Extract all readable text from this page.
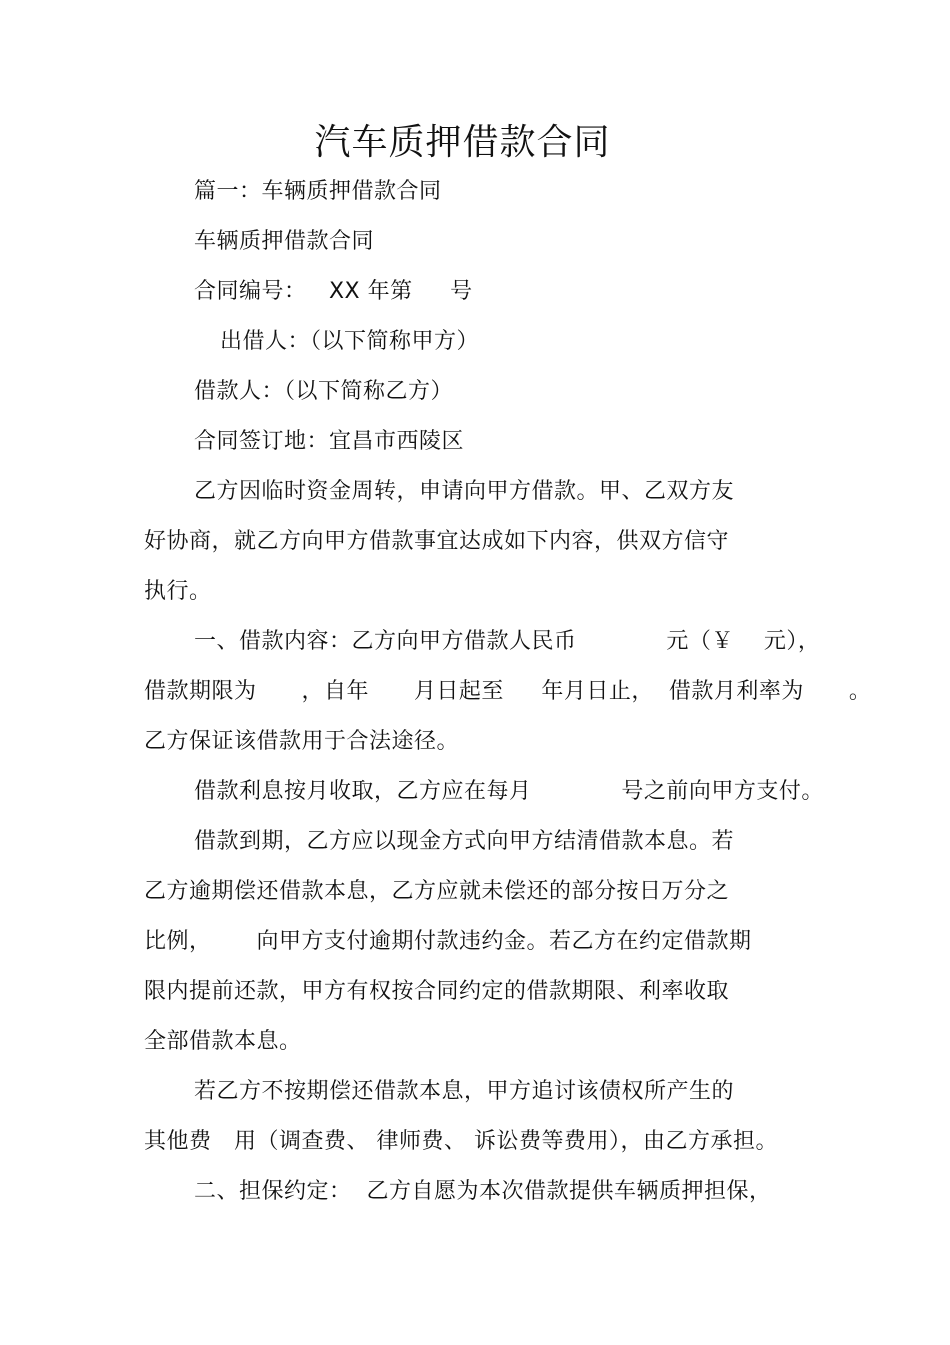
汽车质押借款合同
篇一：车辆质押借款合同
车辆质押借款合同
合同编号：   XX 年第     号
出借人：（以下简称甲方）
借款人：（以下简称乙方）
合同签订地：宜昌市西陵区
乙方因临时资金周转，申请向甲方借款。甲、乙双方友
好协商，就乙方向甲方借款事宜达成如下内容，供双方信守
执行。
一、借款内容：乙方向甲方借款人民币            元（￥    元），
借款期限为      ，自年      月日起至     年月日止，  借款月利率为      。
乙方保证该借款用于合法途径。
借款利息按月收取，乙方应在每月            号之前向甲方支付。
借款到期，乙方应以现金方式向甲方结清借款本息。若
乙方逾期偿还借款本息，乙方应就未偿还的部分按日万分之
比例，      向甲方支付逾期付款违约金。若乙方在约定借款期
限内提前还款，甲方有权按合同约定的借款期限、利率收取
全部借款本息。
若乙方不按期偿还借款本息，甲方追讨该债权所产生的
其他费   用（调查费、 律师费、 诉讼费等费用），由乙方承担。
二、担保约定：  乙方自愿为本次借款提供车辆质押担保，
